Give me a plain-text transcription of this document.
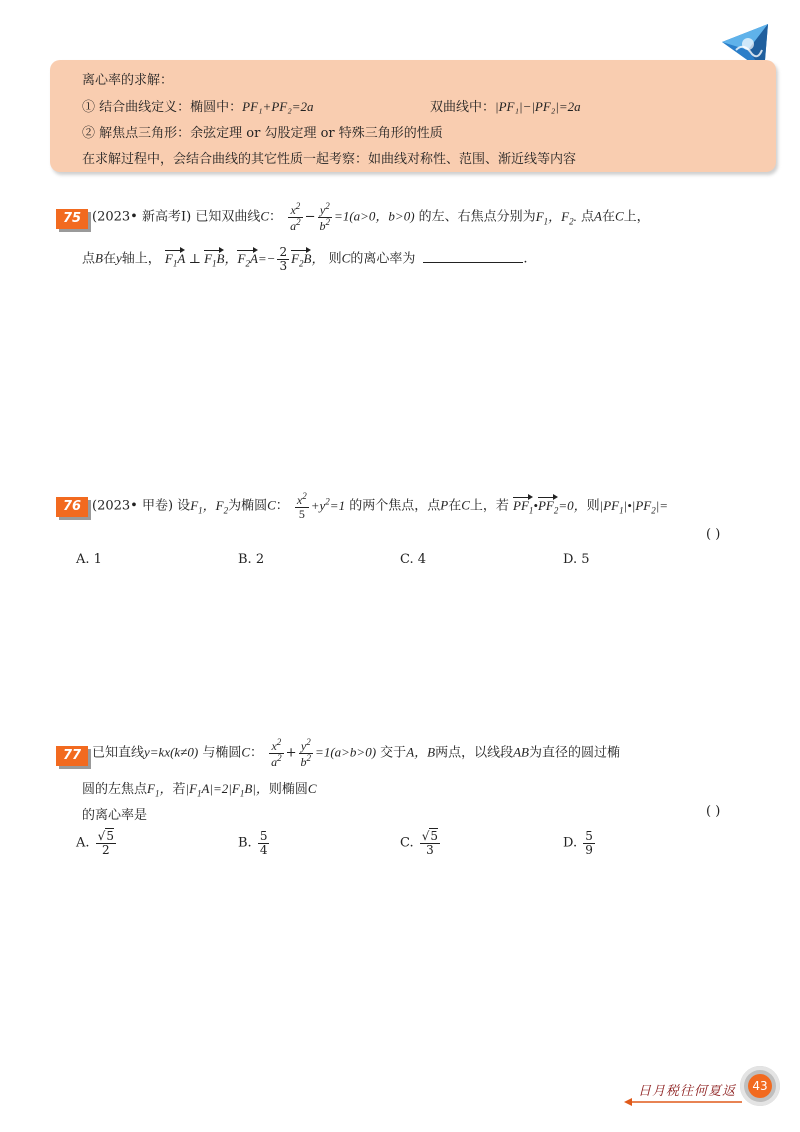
离心率的求解：
① 结合曲线定义：椭圆中：PF₁+PF₂=2a	双曲线中：|PF₁|−|PF₂|=2a
② 解焦点三角形：余弦定理 or 勾股定理 or 特殊三角形的性质
在求解过程中，会结合曲线的其它性质一起考察：如曲线对称性、范围、渐近线等内容
75 (2023• 新高考Ⅰ) 已知双曲线C： $\frac{x^2}{a^2} - \frac{y^2}{b^2} =1(a>0$，b>0) 的左、右焦点分别为$F_1$，$F_2$. 点A在C上，
点B在y轴上， $F_1A$ ⊥ $F_1B$，$F_2A=- \frac{2}{3} F_2B$， 则C的离心率为	.
76 (2023• 甲卷) 设$F_1$，$F_2$为椭圆C： $\frac{x^2}{5} +y^2=1$ 的两个焦点，点P在C上，若 $PF_1•PF_2=0$，则$|PF_1|•|PF_2|=$
( )
A. 1	B. 2	C. 4	D. 5
77 已知直线y=kx(k≠0) 与椭圆C： $\frac{x^2}{a^2} + \frac{y^2}{b^2} =1(a>b>0)$ 交于A，B两点，以线段AB为直径的圆过椭
圆的左焦点$F_1$，若$|F_1A|=2|F_1B|$，则椭圆C
的离心率是	( )
A. $\frac{√5}{2}$	B. $\frac{5}{4}$	C. $\frac{√5}{3}$	D. $\frac{5}{9}$
日月税往何夏返	43
